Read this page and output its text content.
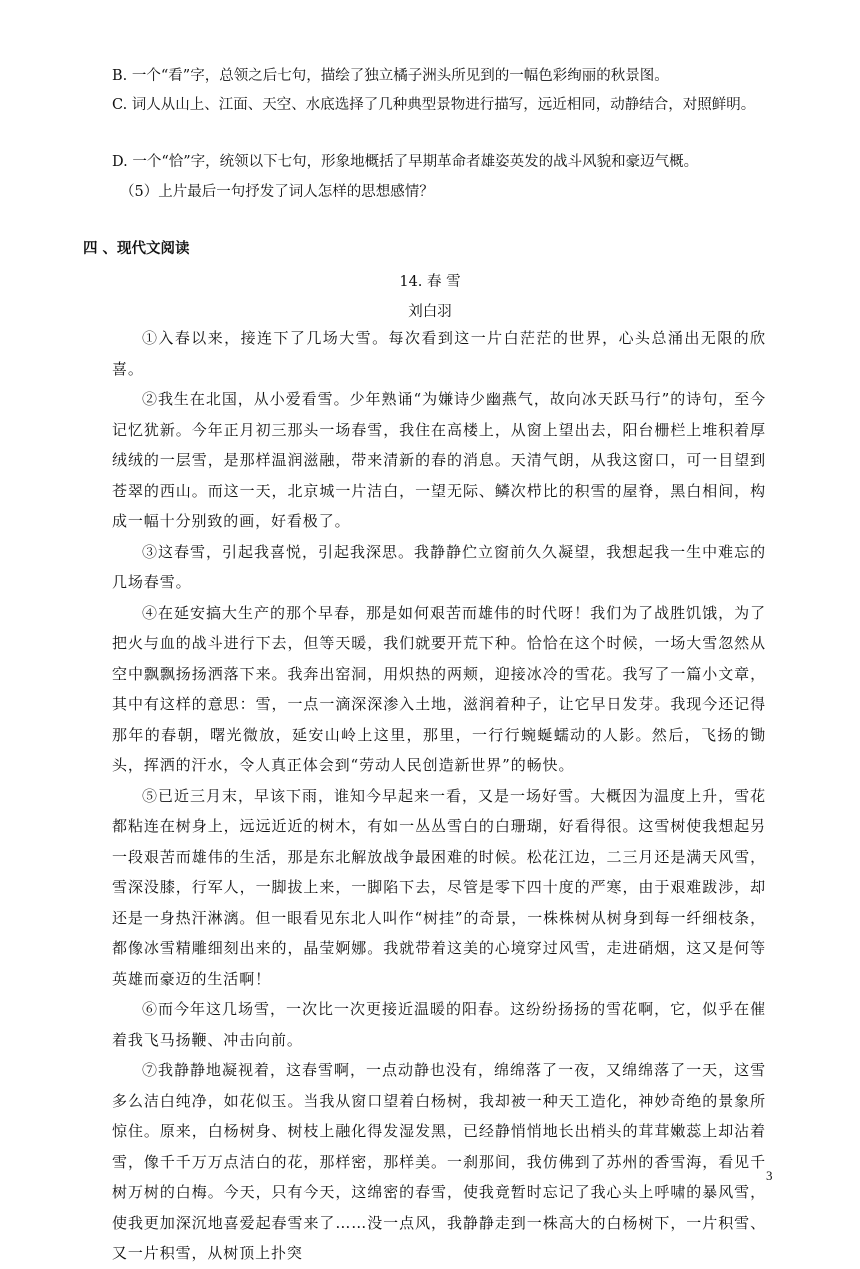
B. 一个“看”字，总领之后七句，描绘了独立橘子洲头所见到的一幅色彩绚丽的秋景图。

C. 词人从山上、江面、天空、水底选择了几种典型景物进行描写，远近相同，动静结合，对照鲜明。

D. 一个“恰”字，统领以下七句，形象地概括了早期革命者雄姿英发的战斗风貌和豪迈气概。

（5）上片最后一句抒发了词人怎样的思想感情？

四 、现代文阅读

14. 春 雪

刘白羽

①入春以来，接连下了几场大雪。每次看到这一片白茫茫的世界，心头总涌出无限的欣喜。

②我生在北国，从小爱看雪。少年熟诵“为嫌诗少幽燕气，故向冰天跃马行”的诗句，至今记忆犹新。今年正月初三那头一场春雪，我住在高楼上，从窗上望出去，阳台栅栏上堆积着厚绒绒的一层雪，是那样温润滋融，带来清新的春的消息。天清气朗，从我这窗口，可一目望到苍翠的西山。而这一天，北京城一片洁白，一望无际、鳞次栉比的积雪的屋脊，黑白相间，构成一幅十分别致的画，好看极了。

③这春雪，引起我喜悦，引起我深思。我静静伫立窗前久久凝望，我想起我一生中难忘的几场春雪。

④在延安搞大生产的那个早春，那是如何艰苦而雄伟的时代呀！我们为了战胜饥饿，为了把火与血的战斗进行下去，但等天暖，我们就要开荒下种。恰恰在这个时候，一场大雪忽然从空中飘飘扬扬洒落下来。我奔出窑洞，用炽热的两颊，迎接冰冷的雪花。我写了一篇小文章，其中有这样的意思：雪，一点一滴深深渗入土地，滋润着种子，让它早日发芽。我现今还记得那年的春朝，曙光微放，延安山岭上这里，那里，一行行蜿蜒蠕动的人影。然后，飞扬的锄头，挥洒的汗水，令人真正体会到“劳动人民创造新世界”的畅快。

⑤已近三月末，早该下雨，谁知今早起来一看，又是一场好雪。大概因为温度上升，雪花都粘连在树身上，远远近近的树木，有如一丛丛雪白的白珊瑚，好看得很。这雪树使我想起另一段艰苦而雄伟的生活，那是东北解放战争最困难的时候。松花江边，二三月还是满天风雪，雪深没膝，行军人，一脚拔上来，一脚陷下去，尽管是零下四十度的严寒，由于艰难跋涉，却还是一身热汗淋漓。但一眼看见东北人叫作“树挂”的奇景，一株株树从树身到每一纤细枝条，都像冰雪精雕细刻出来的，晶莹婀娜。我就带着这美的心境穿过风雪，走进硝烟，这又是何等英雄而豪迈的生活啊！

⑥而今年这几场雪，一次比一次更接近温暖的阳春。这纷纷扬扬的雪花啊，它，似乎在催着我飞马扬鞭、冲击向前。

⑦我静静地凝视着，这春雪啊，一点动静也没有，绵绵落了一夜，又绵绵落了一天，这雪多么洁白纯净，如花似玉。当我从窗口望着白杨树，我却被一种天工造化，神妙奇绝的景象所惊住。原来，白杨树身、树枝上融化得发湿发黑，已经静悄悄地长出梢头的茸茸嫩蕊上却沾着雪，像千千万万点洁白的花，那样密，那样美。一刹那间，我仿佛到了苏州的香雪海，看见千树万树的白梅。今天，只有今天，这绵密的春雪，使我竟暂时忘记了我心头上呼啸的暴风雪，使我更加深沉地喜爱起春雪来了……没一点风，我静静走到一株高大的白杨树下，一片积雪、又一片积雪，从树顶上扑突

3
